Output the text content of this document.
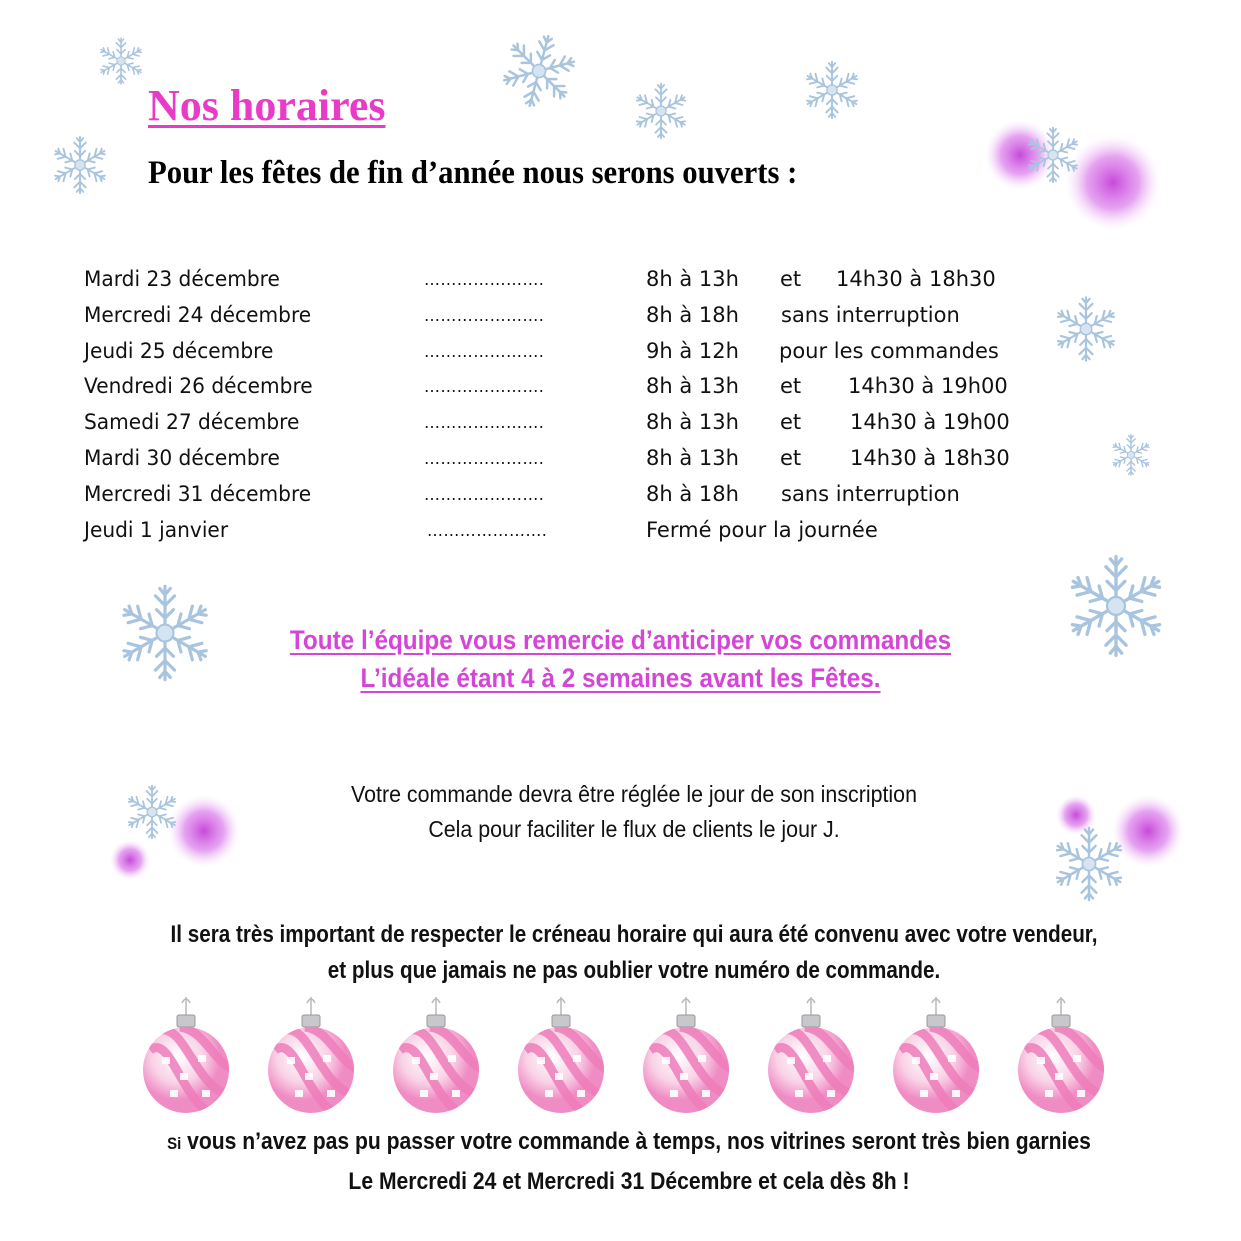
Nos horaires
Pour les fêtes de fin d’année nous serons ouverts :
Mardi 23 décembre	………………….	8h à 13h et 14h30 à 18h30
Mercredi 24 décembre	………………….	8h à 18h sans interruption
Jeudi 25 décembre	………………….	9h à 12h pour les commandes
Vendredi 26 décembre	………………….	8h à 13h et 14h30 à 19h00
Samedi 27 décembre	………………….	8h à 13h et 14h30 à 19h00
Mardi 30 décembre	………………….	8h à 13h et 14h30 à 18h30
Mercredi 31 décembre	………………….	8h à 18h sans interruption
Jeudi 1 janvier	………………….	Fermé pour la journée
Toute l’équipe vous remercie d’anticiper vos commandes
L’idéale étant 4 à 2 semaines avant les Fêtes.
Votre commande devra être réglée le jour de son inscription
Cela pour faciliter le flux de clients le jour J.
Il sera très important de respecter le créneau horaire qui aura été convenu avec votre vendeur,
et plus que jamais ne pas oublier votre numéro de commande.
Si vous n’avez pas pu passer votre commande à temps, nos vitrines seront très bien garnies
Le Mercredi 24 et Mercredi 31 Décembre et cela dès 8h !
